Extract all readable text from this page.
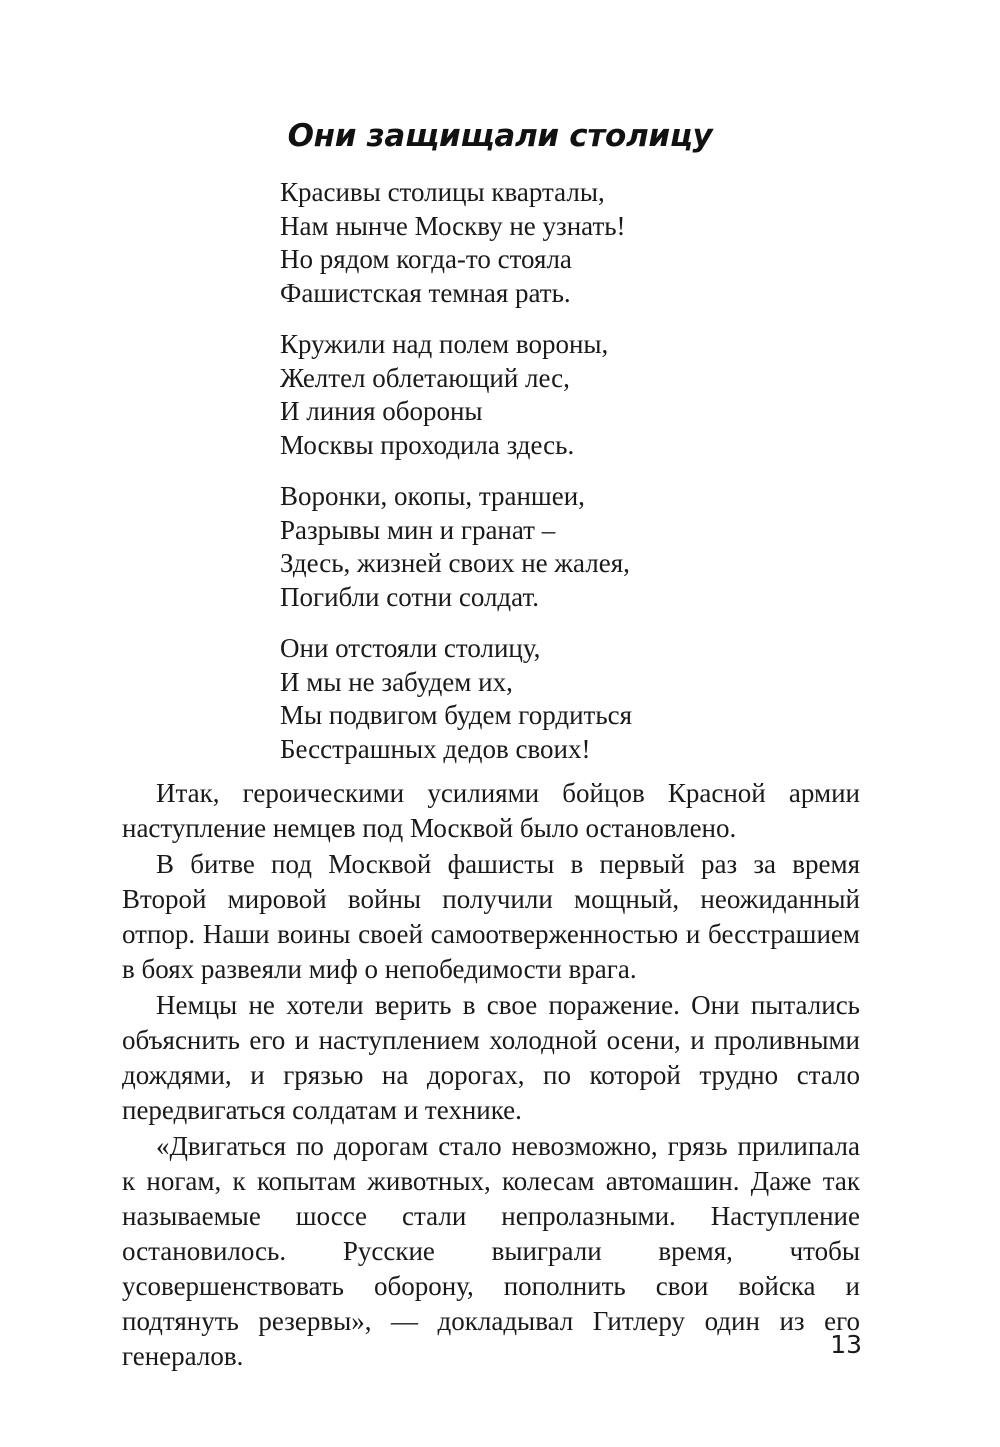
Они защищали столицу
Красивы столицы кварталы,
Нам нынче Москву не узнать!
Но рядом когда-то стояла
Фашистская темная рать.
Кружили над полем вороны,
Желтел облетающий лес,
И линия обороны
Москвы проходила здесь.
Воронки, окопы, траншеи,
Разрывы мин и гранат –
Здесь, жизней своих не жалея,
Погибли сотни солдат.
Они отстояли столицу,
И мы не забудем их,
Мы подвигом будем гордиться
Бесстрашных дедов своих!

Итак, героическими усилиями бойцов Красной армии наступление немцев под Москвой было остановлено.

В битве под Москвой фашисты в первый раз за время Второй мировой войны получили мощный, неожиданный отпор. Наши воины своей самоотверженностью и бесстрашием в боях развеяли миф о непобедимости врага.

Немцы не хотели верить в свое поражение. Они пытались объяснить его и наступлением холодной осени, и проливными дождями, и грязью на дорогах, по которой трудно стало передвигаться солдатам и технике.

«Двигаться по дорогам стало невозможно, грязь прилипала к ногам, к копытам животных, колесам автомашин. Даже так называемые шоссе стали непролазными. Наступление остановилось. Русские выиграли время, чтобы усовершенствовать оборону, пополнить свои войска и подтянуть резервы», — докладывал Гитлеру один из его генералов.	13
